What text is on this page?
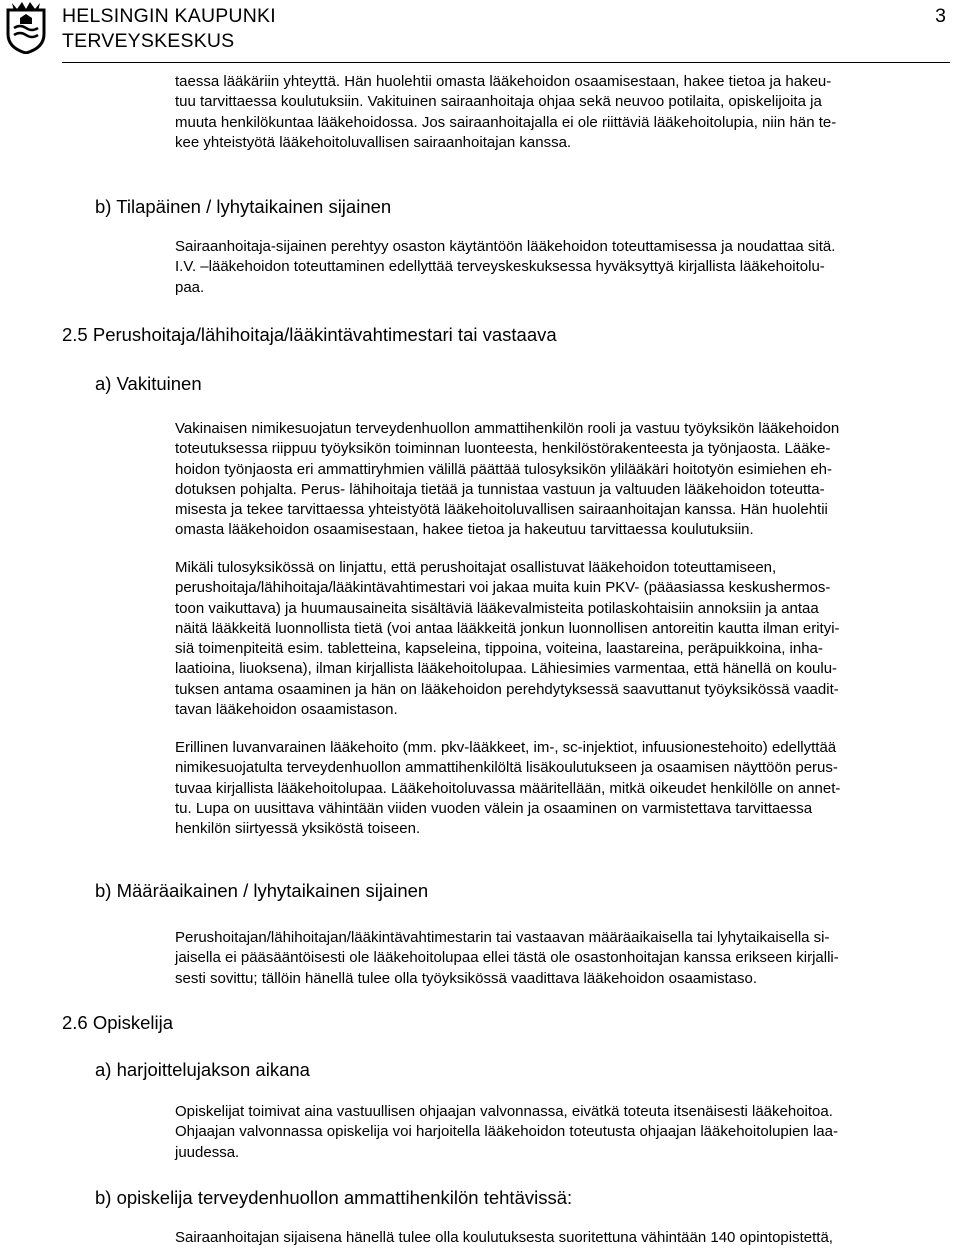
HELSINGIN KAUPUNKI
TERVEYSKESKUS
3
taessa lääkäriin yhteyttä. Hän huolehtii omasta lääkehoidon osaamisestaan, hakee tietoa ja hakeu-
tuu tarvittaessa koulutuksiin. Vakituinen sairaanhoitaja ohjaa sekä neuvoo potilaita, opiskelijoita ja
muuta henkilökuntaa lääkehoidossa. Jos sairaanhoitajalla ei ole riittäviä lääkehoitolupia, niin hän te-
kee yhteistyötä lääkehoitoluvallisen sairaanhoitajan kanssa.
b) Tilapäinen / lyhytaikainen sijainen
Sairaanhoitaja-sijainen perehtyy osaston käytäntöön lääkehoidon toteuttamisessa ja noudattaa sitä.
I.V. –lääkehoidon toteuttaminen edellyttää terveyskeskuksessa hyväksyttyä kirjallista lääkehoitolu-
paa.
2.5 Perushoitaja/lähihoitaja/lääkintävahtimestari tai vastaava
a) Vakituinen
Vakinaisen nimikesuojatun terveydenhuollon ammattihenkilön rooli ja vastuu työyksikön lääkehoidon
toteutuksessa riippuu työyksikön toiminnan luonteesta, henkilöstörakenteesta ja työnjaosta. Lääke-
hoidon työnjaosta eri ammattiryhmien välillä päättää tulosyksikön ylilääkäri hoitotyön esimiehen eh-
dotuksen pohjalta. Perus- lähihoitaja tietää ja tunnistaa vastuun ja valtuuden lääkehoidon toteutta-
misesta ja tekee tarvittaessa yhteistyötä lääkehoitoluvallisen sairaanhoitajan kanssa. Hän huolehtii
omasta lääkehoidon osaamisestaan, hakee tietoa ja hakeutuu tarvittaessa koulutuksiin.
Mikäli tulosyksikössä on linjattu, että perushoitajat osallistuvat lääkehoidon toteuttamiseen,
perushoitaja/lähihoitaja/lääkintävahtimestari voi jakaa muita kuin PKV- (pääasiassa keskushermos-
toon vaikuttava) ja huumausaineita sisältäviä lääkevalmisteita potilaskohtaisiin annoksiin ja antaa
näitä lääkkeitä luonnollista tietä (voi antaa lääkkeitä jonkun luonnollisen antoreitin kautta ilman erityi-
siä toimenpiteitä esim. tabletteina, kapseleina, tippoina, voiteina, laastareina, peräpuikkoina, inha-
laatioina, liuoksena), ilman kirjallista lääkehoitolupaa. Lähiesimies varmentaa, että hänellä on koulu-
tuksen antama osaaminen ja hän on lääkehoidon perehdytyksessä saavuttanut työyksikössä vaadit-
tavan lääkehoidon osaamistason.
Erillinen luvanvarainen lääkehoito (mm. pkv-lääkkeet, im-, sc-injektiot, infuusionestehoito) edellyttää
nimikesuojatulta terveydenhuollon ammattihenkilöltä lisäkoulutukseen ja osaamisen näyttöön perus-
tuvaa kirjallista lääkehoitolupaa. Lääkehoitoluvassa määritellään, mitkä oikeudet henkilölle on annet-
tu. Lupa on uusittava vähintään viiden vuoden välein ja osaaminen on varmistettava tarvittaessa
henkilön siirtyessä yksiköstä toiseen.
b) Määräaikainen / lyhytaikainen sijainen
Perushoitajan/lähihoitajan/lääkintävahtimestarin tai vastaavan määräaikaisella tai lyhytaikaisella si-
jaisella ei pääsääntöisesti ole lääkehoitolupaa ellei tästä ole osastonhoitajan kanssa erikseen kirjalli-
sesti sovittu; tällöin hänellä tulee olla työyksikössä vaadittava lääkehoidon osaamistaso.
2.6 Opiskelija
a) harjoittelujakson aikana
Opiskelijat toimivat aina vastuullisen ohjaajan valvonnassa, eivätkä toteuta itsenäisesti lääkehoitoa.
Ohjaajan valvonnassa opiskelija voi harjoitella lääkehoidon toteutusta ohjaajan lääkehoitolupien laa-
juudessa.
b) opiskelija terveydenhuollon ammattihenkilön tehtävissä:
Sairaanhoitajan sijaisena hänellä tulee olla koulutuksesta suoritettuna vähintään 140 opintopistettä,
